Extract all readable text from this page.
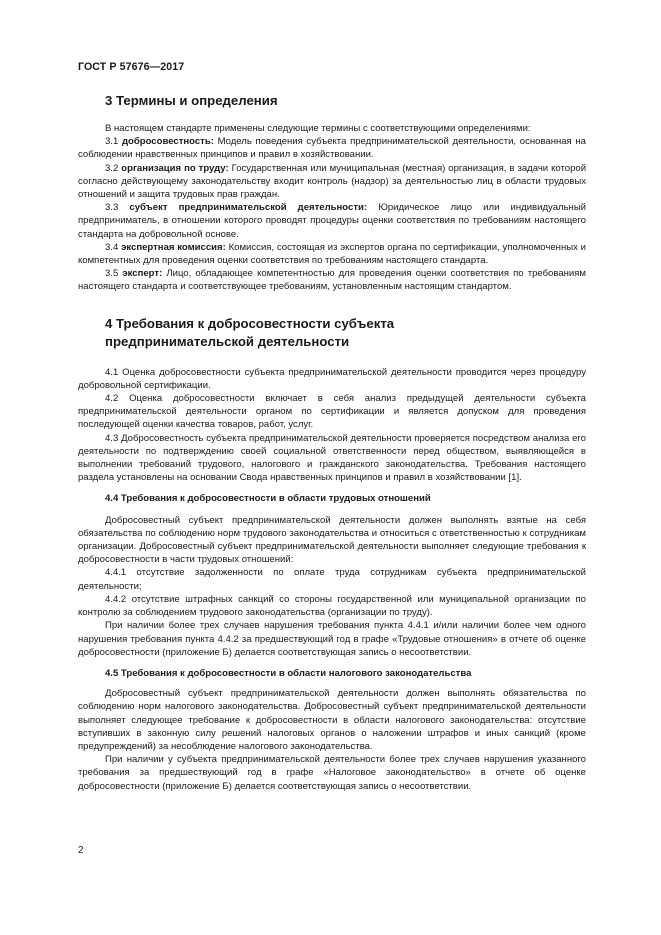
ГОСТ Р 57676—2017
3 Термины и определения

В настоящем стандарте применены следующие термины с соответствующими определениями:

3.1 добросовестность: Модель поведения субъекта предпринимательской деятельности, основанная на соблюдении нравственных принципов и правил в хозяйствовании.

3.2 организация по труду: Государственная или муниципальная (местная) организация, в задачи которой согласно действующему законодательству входит контроль (надзор) за деятельностью лиц в области трудовых отношений и защита трудовых прав граждан.

3.3 субъект предпринимательской деятельности: Юридическое лицо или индивидуальный предприниматель, в отношении которого проводят процедуры оценки соответствия по требованиям настоящего стандарта на добровольной основе.

3.4 экспертная комиссия: Комиссия, состоящая из экспертов органа по сертификации, уполномоченных и компетентных для проведения оценки соответствия по требованиям настоящего стандарта.

3.5 эксперт: Лицо, обладающее компетентностью для проведения оценки соответствия по требованиям настоящего стандарта и соответствующее требованиям, установленным настоящим стандартом.

4 Требования к добросовестности субъекта
предпринимательской деятельности

4.1 Оценка добросовестности субъекта предпринимательской деятельности проводится через процедуру добровольной сертификации.

4.2 Оценка добросовестности включает в себя анализ предыдущей деятельности субъекта предпринимательской деятельности органом по сертификации и является допуском для проведения последующей оценки качества товаров, работ, услуг.

4.3 Добросовестность субъекта предпринимательской деятельности проверяется посредством анализа его деятельности по подтверждению своей социальной ответственности перед обществом, выявляющейся в выполнении требований трудового, налогового и гражданского законодательства. Требования настоящего раздела установлены на основании Свода нравственных принципов и правил в хозяйствовании [1].

4.4 Требования к добросовестности в области трудовых отношений

Добросовестный субъект предпринимательской деятельности должен выполнять взятые на себя обязательства по соблюдению норм трудового законодательства и относиться с ответственностью к сотрудникам организации. Добросовестный субъект предпринимательской деятельности выполняет следующие требования к добросовестности в части трудовых отношений:

4.4.1 отсутствие задолженности по оплате труда сотрудникам субъекта предпринимательской деятельности;

4.4.2 отсутствие штрафных санкций со стороны государственной или муниципальной организации по контролю за соблюдением трудового законодательства (организации по труду).

При наличии более трех случаев нарушения требования пункта 4.4.1 и/или наличии более чем одного нарушения требования пункта 4.4.2 за предшествующий год в графе «Трудовые отношения» в отчете об оценке добросовестности (приложение Б) делается соответствующая запись о несоответствии.

4.5 Требования к добросовестности в области налогового законодательства

Добросовестный субъект предпринимательской деятельности должен выполнять обязательства по соблюдению норм налогового законодательства. Добросовестный субъект предпринимательской деятельности выполняет следующее требование к добросовестности в области налогового законодательства: отсутствие вступивших в законную силу решений налоговых органов о наложении штрафов и иных санкций (кроме предупреждений) за несоблюдение налогового законодательства.

При наличии у субъекта предпринимательской деятельности более трех случаев нарушения указанного требования за предшествующий год в графе «Налоговое законодательство» в отчете об оценке добросовестности (приложение Б) делается соответствующая запись о несоответствии.

2
